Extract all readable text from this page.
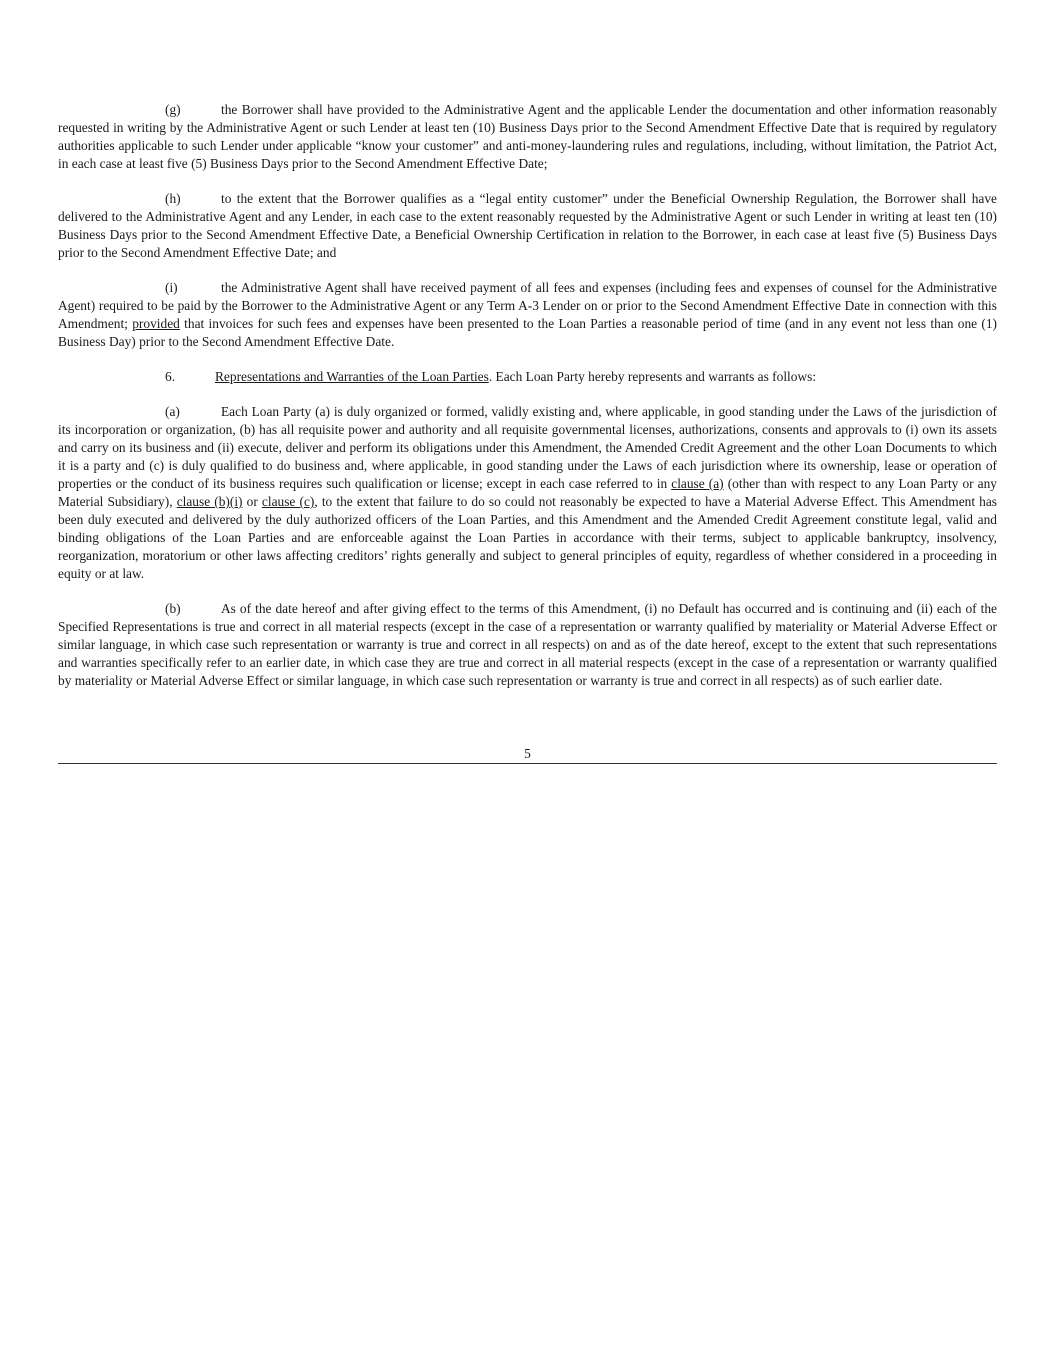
(g)	the Borrower shall have provided to the Administrative Agent and the applicable Lender the documentation and other information reasonably requested in writing by the Administrative Agent or such Lender at least ten (10) Business Days prior to the Second Amendment Effective Date that is required by regulatory authorities applicable to such Lender under applicable “know your customer” and anti-money-laundering rules and regulations, including, without limitation, the Patriot Act, in each case at least five (5) Business Days prior to the Second Amendment Effective Date;

(h)	to the extent that the Borrower qualifies as a “legal entity customer” under the Beneficial Ownership Regulation, the Borrower shall have delivered to the Administrative Agent and any Lender, in each case to the extent reasonably requested by the Administrative Agent or such Lender in writing at least ten (10) Business Days prior to the Second Amendment Effective Date, a Beneficial Ownership Certification in relation to the Borrower, in each case at least five (5) Business Days prior to the Second Amendment Effective Date; and

(i)	the Administrative Agent shall have received payment of all fees and expenses (including fees and expenses of counsel for the Administrative Agent) required to be paid by the Borrower to the Administrative Agent or any Term A-3 Lender on or prior to the Second Amendment Effective Date in connection with this Amendment; provided that invoices for such fees and expenses have been presented to the Loan Parties a reasonable period of time (and in any event not less than one (1) Business Day) prior to the Second Amendment Effective Date.

6.	Representations and Warranties of the Loan Parties. Each Loan Party hereby represents and warrants as follows:

(a)	Each Loan Party (a) is duly organized or formed, validly existing and, where applicable, in good standing under the Laws of the jurisdiction of its incorporation or organization, (b) has all requisite power and authority and all requisite governmental licenses, authorizations, consents and approvals to (i) own its assets and carry on its business and (ii) execute, deliver and perform its obligations under this Amendment, the Amended Credit Agreement and the other Loan Documents to which it is a party and (c) is duly qualified to do business and, where applicable, in good standing under the Laws of each jurisdiction where its ownership, lease or operation of properties or the conduct of its business requires such qualification or license; except in each case referred to in clause (a) (other than with respect to any Loan Party or any Material Subsidiary), clause (b)(i) or clause (c), to the extent that failure to do so could not reasonably be expected to have a Material Adverse Effect. This Amendment has been duly executed and delivered by the duly authorized officers of the Loan Parties, and this Amendment and the Amended Credit Agreement constitute legal, valid and binding obligations of the Loan Parties and are enforceable against the Loan Parties in accordance with their terms, subject to applicable bankruptcy, insolvency, reorganization, moratorium or other laws affecting creditors’ rights generally and subject to general principles of equity, regardless of whether considered in a proceeding in equity or at law.

(b)	As of the date hereof and after giving effect to the terms of this Amendment, (i) no Default has occurred and is continuing and (ii) each of the Specified Representations is true and correct in all material respects (except in the case of a representation or warranty qualified by materiality or Material Adverse Effect or similar language, in which case such representation or warranty is true and correct in all respects) on and as of the date hereof, except to the extent that such representations and warranties specifically refer to an earlier date, in which case they are true and correct in all material respects (except in the case of a representation or warranty qualified by materiality or Material Adverse Effect or similar language, in which case such representation or warranty is true and correct in all respects) as of such earlier date.

5
